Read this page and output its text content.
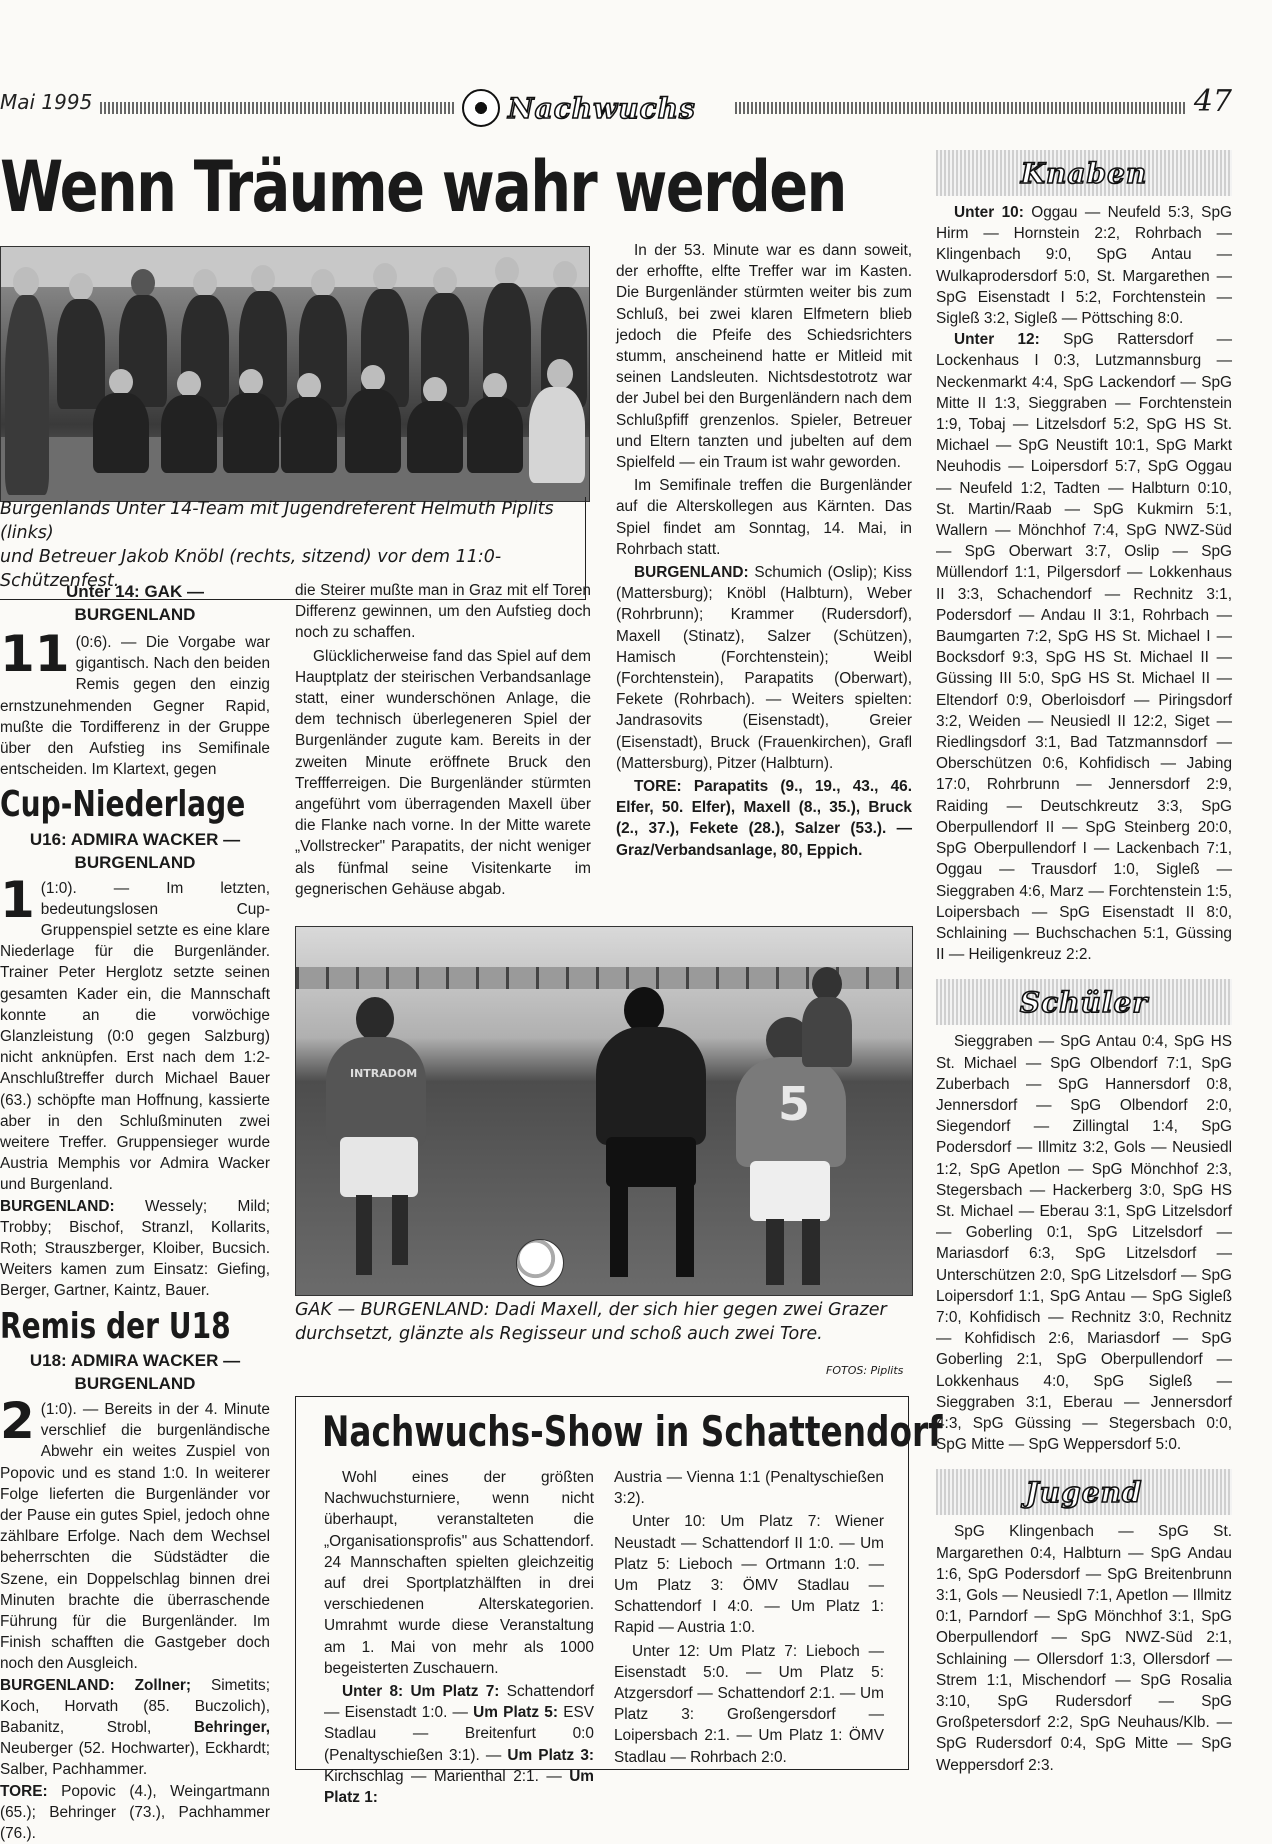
Mai 1995	Nachwuchs	47
Wenn Träume wahr werden
Burgenlands Unter 14-Team mit Jugendreferent Helmuth Piplits (links)
und Betreuer Jakob Knöbl (rechts, sitzend) vor dem 11:0-Schützenfest.
Unter 14: GAK — BURGENLAND
11 (0:6). — Die Vorgabe war gigantisch. Nach den beiden Remis gegen den einzig ernstzunehmenden Gegner Rapid, mußte die Tordifferenz in der Gruppe über den Aufstieg ins Semifinale entscheiden. Im Klartext, gegen
Cup-Niederlage
U16: ADMIRA WACKER — BURGENLAND
1 (1:0). — Im letzten, bedeutungslosen Cup-Gruppenspiel setzte es eine klare Niederlage für die Burgenländer. Trainer Peter Herglotz setzte seinen gesamten Kader ein, die Mannschaft konnte an die vorwöchige Glanzleistung (0:0 gegen Salzburg) nicht anknüpfen. Erst nach dem 1:2-Anschlußtreffer durch Michael Bauer (63.) schöpfte man Hoffnung, kassierte aber in den Schlußminuten zwei weitere Treffer. Gruppensieger wurde Austria Memphis vor Admira Wacker und Burgenland.
BURGENLAND: Wessely; Mild; Trobby; Bischof, Stranzl, Kollarits, Roth; Strauszberger, Kloiber, Bucsich. Weiters kamen zum Einsatz: Giefing, Berger, Gartner, Kaintz, Bauer.
Remis der U18
U18: ADMIRA WACKER — BURGENLAND
2 (1:0). — Bereits in der 4. Minute verschlief die burgenländische Abwehr ein weites Zuspiel von Popovic und es stand 1:0. In weiterer Folge lieferten die Burgenländer vor der Pause ein gutes Spiel, jedoch ohne zählbare Erfolge. Nach dem Wechsel beherrschten die Südstädter die Szene, ein Doppelschlag binnen drei Minuten brachte die überraschende Führung für die Burgenländer. Im Finish schafften die Gastgeber doch noch den Ausgleich.
BURGENLAND: Zollner; Simetits; Koch, Horvath (85. Buczolich), Babanitz, Strobl,	Behringer, Neuberger (52. Hochwarter), Eckhardt; Salber, Pachhammer.
TORE: Popovic (4.), Weingartmann (65.); Behringer (73.), Pachhammer (76.).

die Steirer mußte man in Graz mit elf Toren Differenz gewinnen, um den Aufstieg doch noch zu schaffen.

Glücklicherweise fand das Spiel auf dem Hauptplatz der steirischen Verbandsanlage statt, einer wunderschönen Anlage, die dem technisch überlegeneren Spiel der Burgenländer zugute kam. Bereits in der zweiten Minute eröffnete Bruck den Treffferreigen. Die Burgenländer stürmten angeführt vom überragenden Maxell über die Flanke nach vorne. In der Mitte warete „Vollstrecker" Parapatits, der nicht weniger als fünfmal seine Visitenkarte im gegnerischen Gehäuse abgab.

In der 53. Minute war es dann soweit, der erhoffte, elfte Treffer war im Kasten. Die Burgenländer stürmten weiter bis zum Schluß, bei zwei klaren Elfmetern blieb jedoch die Pfeife des Schiedsrichters stumm, anscheinend hatte er Mitleid mit seinen Landsleuten. Nichtsdestotrotz war der Jubel bei den Burgenländern nach dem Schlußpfiff grenzenlos. Spieler, Betreuer und Eltern tanzten und jubelten auf dem Spielfeld — ein Traum ist wahr geworden.

Im Semifinale treffen die Burgenländer auf die Alterskollegen aus Kärnten. Das Spiel findet am Sonntag, 14. Mai, in Rohrbach statt.

BURGENLAND: Schumich (Oslip); Kiss (Mattersburg); Knöbl (Halbturn), Weber (Rohrbrunn); Krammer (Rudersdorf), Maxell (Stinatz), Salzer (Schützen), Hamisch (Forchtenstein); Weibl (Forchtenstein), Parapatits (Oberwart), Fekete (Rohrbach). — Weiters spielten: Jandrasovits (Eisenstadt), Greier (Eisenstadt), Bruck (Frauenkirchen), Grafl (Mattersburg), Pitzer (Halbturn).

TORE: Parapatits (9., 19., 43., 46. Elfer, 50. Elfer), Maxell (8., 35.), Bruck (2., 37.), Fekete (28.), Salzer (53.). — Graz/Verbandsanlage, 80, Eppich.

INTRADOM
5
GAK — BURGENLAND: Dadi Maxell, der sich hier gegen zwei Grazer durchsetzt, glänzte als Regisseur und schoß auch zwei Tore.
FOTOS: Piplits
Nachwuchs-Show in Schattendorf

Wohl eines der größten Nachwuchsturniere, wenn nicht überhaupt, veranstalteten die „Organisationsprofis" aus Schattendorf. 24 Mannschaften spielten gleichzeitig auf drei Sportplatzhälften in drei verschiedenen Alterskategorien. Umrahmt wurde diese Veranstaltung am 1. Mai von mehr als 1000 begeisterten Zuschauern.

Unter 8: Um Platz 7: Schattendorf — Eisenstadt 1:0. — Um Platz 5: ESV Stadlau — Breitenfurt 0:0 (Penaltyschießen 3:1). — Um Platz 3: Kirchschlag — Marienthal 2:1. — Um Platz 1:

Austria — Vienna 1:1 (Penaltyschießen 3:2).

Unter 10: Um Platz 7: Wiener Neustadt — Schattendorf II 1:0. — Um Platz 5: Lieboch — Ortmann 1:0. — Um Platz 3: ÖMV Stadlau — Schattendorf I 4:0. — Um Platz 1: Rapid — Austria 1:0.

Unter 12: Um Platz 7: Lieboch — Eisenstadt 5:0. — Um Platz 5: Atzgersdorf — Schattendorf 2:1. — Um Platz 3: Großengersdorf — Loipersbach 2:1. — Um Platz 1: ÖMV Stadlau — Rohrbach 2:0.

Knaben

Unter 10: Oggau — Neufeld 5:3, SpG Hirm — Hornstein 2:2, Rohrbach — Klingenbach 9:0, SpG Antau — Wulkaprodersdorf 5:0, St. Margarethen — SpG Eisenstadt I 5:2, Forchtenstein — Sigleß 3:2, Sigleß — Pöttsching 8:0.

Unter 12: SpG Rattersdorf — Lockenhaus I 0:3, Lutzmannsburg — Neckenmarkt 4:4, SpG Lackendorf — SpG Mitte II 1:3, Sieggraben — Forchtenstein 1:9, Tobaj — Litzelsdorf 5:2, SpG HS St. Michael — SpG Neustift 10:1, SpG Markt Neuhodis — Loipersdorf 5:7, SpG Oggau — Neufeld 1:2, Tadten — Halbturn 0:10, St. Martin/Raab — SpG Kukmirn 5:1, Wallern — Mönchhof 7:4, SpG NWZ-Süd — SpG Oberwart 3:7, Oslip — SpG Müllendorf 1:1, Pilgersdorf — Lokkenhaus II 3:3, Schachendorf — Rechnitz 3:1, Podersdorf — Andau II 3:1, Rohrbach — Baumgarten 7:2, SpG HS St. Michael I — Bocksdorf 9:3, SpG HS St. Michael II — Güssing III 5:0, SpG HS St. Michael II — Eltendorf 0:9, Oberloisdorf — Piringsdorf 3:2, Weiden — Neusiedl II 12:2, Siget — Riedlingsdorf 3:1, Bad Tatzmannsdorf — Oberschützen 0:6, Kohfidisch — Jabing 17:0, Rohrbrunn — Jennersdorf 2:9, Raiding — Deutschkreutz 3:3, SpG Oberpullendorf II — SpG Steinberg 20:0, SpG Oberpullendorf I — Lackenbach 7:1, Oggau — Trausdorf 1:0, Sigleß — Sieggraben 4:6, Marz — Forchtenstein 1:5, Loipersbach — SpG Eisenstadt II 8:0, Schlaining — Buchschachen 5:1, Güssing II — Heiligenkreuz 2:2.

Schüler

Sieggraben — SpG Antau 0:4, SpG HS St. Michael — SpG Olbendorf 7:1, SpG Zuberbach — SpG Hannersdorf 0:8, Jennersdorf — SpG Olbendorf 2:0, Siegendorf — Zillingtal 1:4, SpG Podersdorf — Illmitz 3:2, Gols — Neusiedl 1:2, SpG Apetlon — SpG Mönchhof 2:3, Stegersbach — Hackerberg 3:0, SpG HS St. Michael — Eberau 3:1, SpG Litzelsdorf — Goberling 0:1, SpG Litzelsdorf — Mariasdorf 6:3, SpG Litzelsdorf — Unterschützen 2:0, SpG Litzelsdorf — SpG Loipersdorf 1:1, SpG Antau — SpG Sigleß 7:0, Kohfidisch — Rechnitz 3:0, Rechnitz — Kohfidisch 2:6, Mariasdorf — SpG Goberling 2:1, SpG Oberpullendorf — Lokkenhaus 4:0, SpG Sigleß — Sieggraben 3:1, Eberau — Jennersdorf 4:3, SpG Güssing — Stegersbach 0:0, SpG Mitte — SpG Weppersdorf 5:0.

Jugend

SpG Klingenbach — SpG St. Margarethen 0:4, Halbturn — SpG Andau 1:6, SpG Podersdorf — SpG Breitenbrunn 3:1, Gols — Neusiedl 7:1, Apetlon — Illmitz 0:1, Parndorf — SpG Mönchhof 3:1, SpG Oberpullendorf — SpG NWZ-Süd 2:1, Schlaining — Ollersdorf 1:3, Ollersdorf — Strem 1:1, Mischendorf — SpG Rosalia 3:10, SpG Rudersdorf — SpG Großpetersdorf 2:2, SpG Neuhaus/Klb. — SpG Rudersdorf 0:4, SpG Mitte — SpG Weppersdorf 2:3.
